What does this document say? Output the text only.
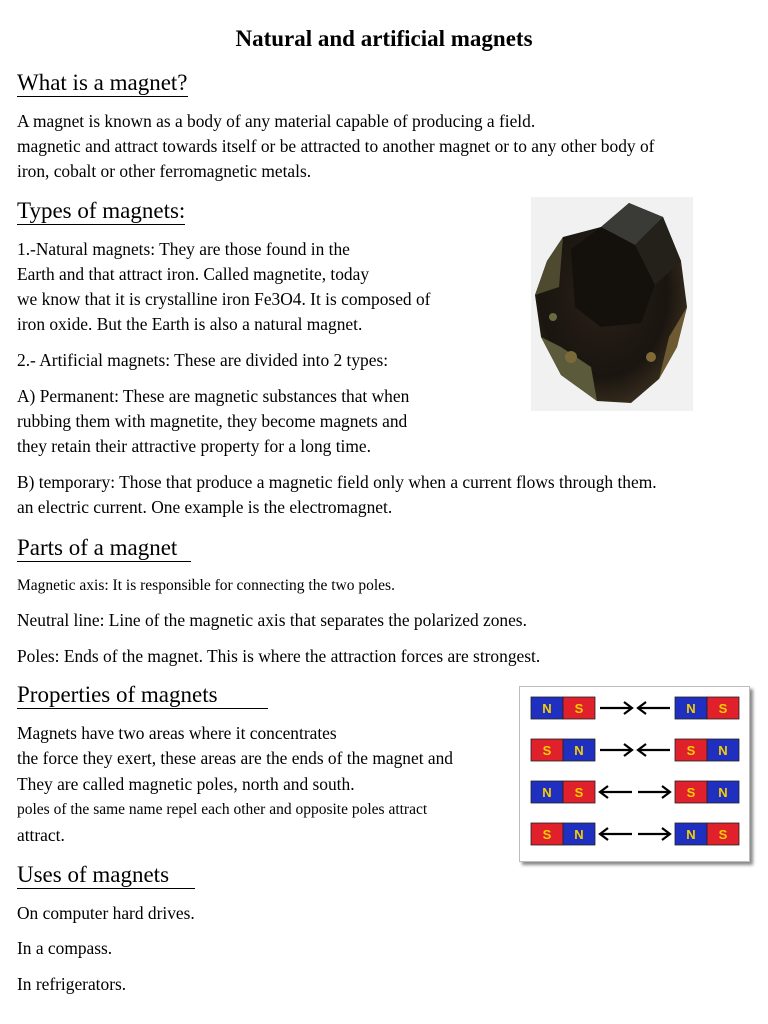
Natural and artificial magnets
What is a magnet?
A magnet is known as a body of any material capable of producing a field.
magnetic and attract towards itself or be attracted to another magnet or to any other body of
iron, cobalt or other ferromagnetic metals.
Types of magnets:
1.-Natural magnets: They are those found in the
Earth and that attract iron. Called magnetite, today
we know that it is crystalline iron Fe3O4. It is composed of
iron oxide. But the Earth is also a natural magnet.
2.- Artificial magnets: These are divided into 2 types:
A) Permanent: These are magnetic substances that when
rubbing them with magnetite, they become magnets and
they retain their attractive property for a long time.
B) temporary: Those that produce a magnetic field only when a current flows through them.
an electric current. One example is the electromagnet.
Parts of a magnet
Magnetic axis: It is responsible for connecting the two poles.
Neutral line: Line of the magnetic axis that separates the polarized zones.
Poles: Ends of the magnet. This is where the attraction forces are strongest.
Properties of magnets
Magnets have two areas where it concentrates
the force they exert, these areas are the ends of the magnet and
They are called magnetic poles, north and south.
poles of the same name repel each other and opposite poles attract
attract.
N S	N S
S N	S N
N S	S N
S N	N S
Uses of magnets
On computer hard drives.
In a compass.
In refrigerators.
